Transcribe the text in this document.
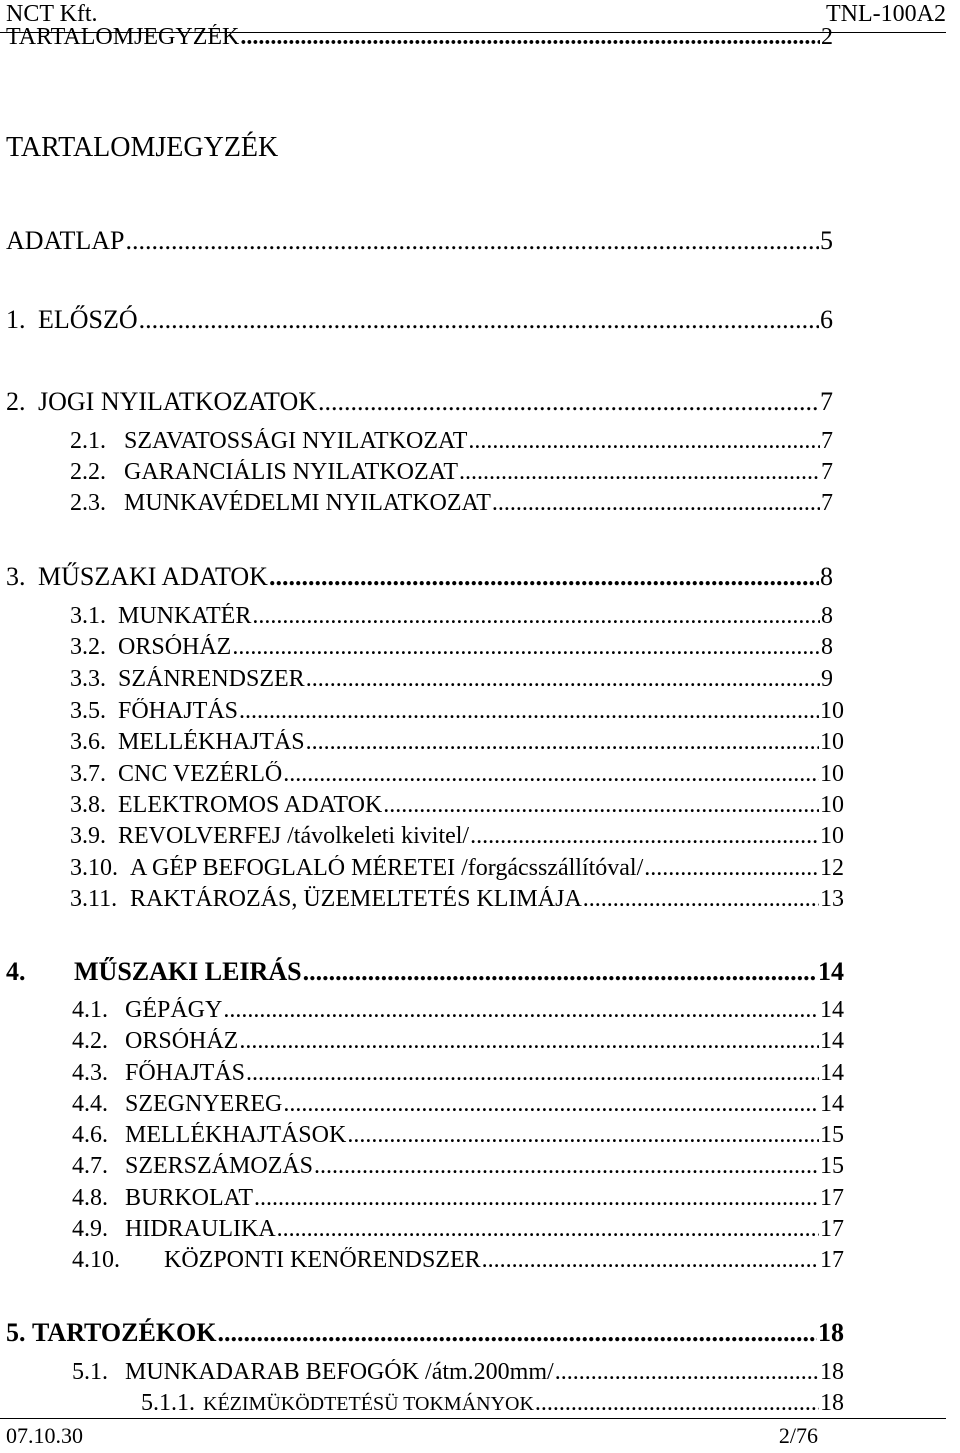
NCT Kft.	TNL-100A2
TARTALOMJEGYZÉK .....	2
TARTALOMJEGYZÉK
ADATLAP .....	5
1. ELŐSZÓ .....	6
2. JOGI NYILATKOZATOK .....	7
2.1. SZAVATOSSÁGI NYILATKOZAT .....	7
2.2. GARANCIÁLIS NYILATKOZAT .....	7
2.3. MUNKAVÉDELMI NYILATKOZAT .....	7
3. MŰSZAKI ADATOK .....	8
3.1. MUNKATÉR .....	8
3.2. ORSÓHÁZ .....	8
3.3. SZÁNRENDSZER .....	9
3.5. FŐHAJTÁS .....	10
3.6. MELLÉKHAJTÁS .....	10
3.7. CNC VEZÉRLŐ .....	10
3.8. ELEKTROMOS ADATOK .....	10
3.9. REVOLVERFEJ /távolkeleti kivitel/ .....	10
3.10. A GÉP BEFOGLALÓ MÉRETEI /forgácsszállítóval/ .....	12
3.11. RAKTÁROZÁS, ÜZEMELTETÉS KLIMÁJA .....	13
4.	MŰSZAKI LEIRÁS .....	14
4.1. GÉPÁGY .....	14
4.2. ORSÓHÁZ .....	14
4.3. FŐHAJTÁS .....	14
4.4. SZEGNYEREG .....	14
4.6. MELLÉKHAJTÁSOK .....	15
4.7. SZERSZÁMOZÁS .....	15
4.8. BURKOLAT .....	17
4.9. HIDRAULIKA .....	17
4.10.	KÖZPONTI KENŐRENDSZER .....	17
5. TARTOZÉKOK .....	18
5.1. MUNKADARAB BEFOGÓK /átm.200mm/ .....	18
5.1.1. KÉZIMÜKÖDTETÉSÜ TOKMÁNYOK .....	18
07.10.30	2/76
